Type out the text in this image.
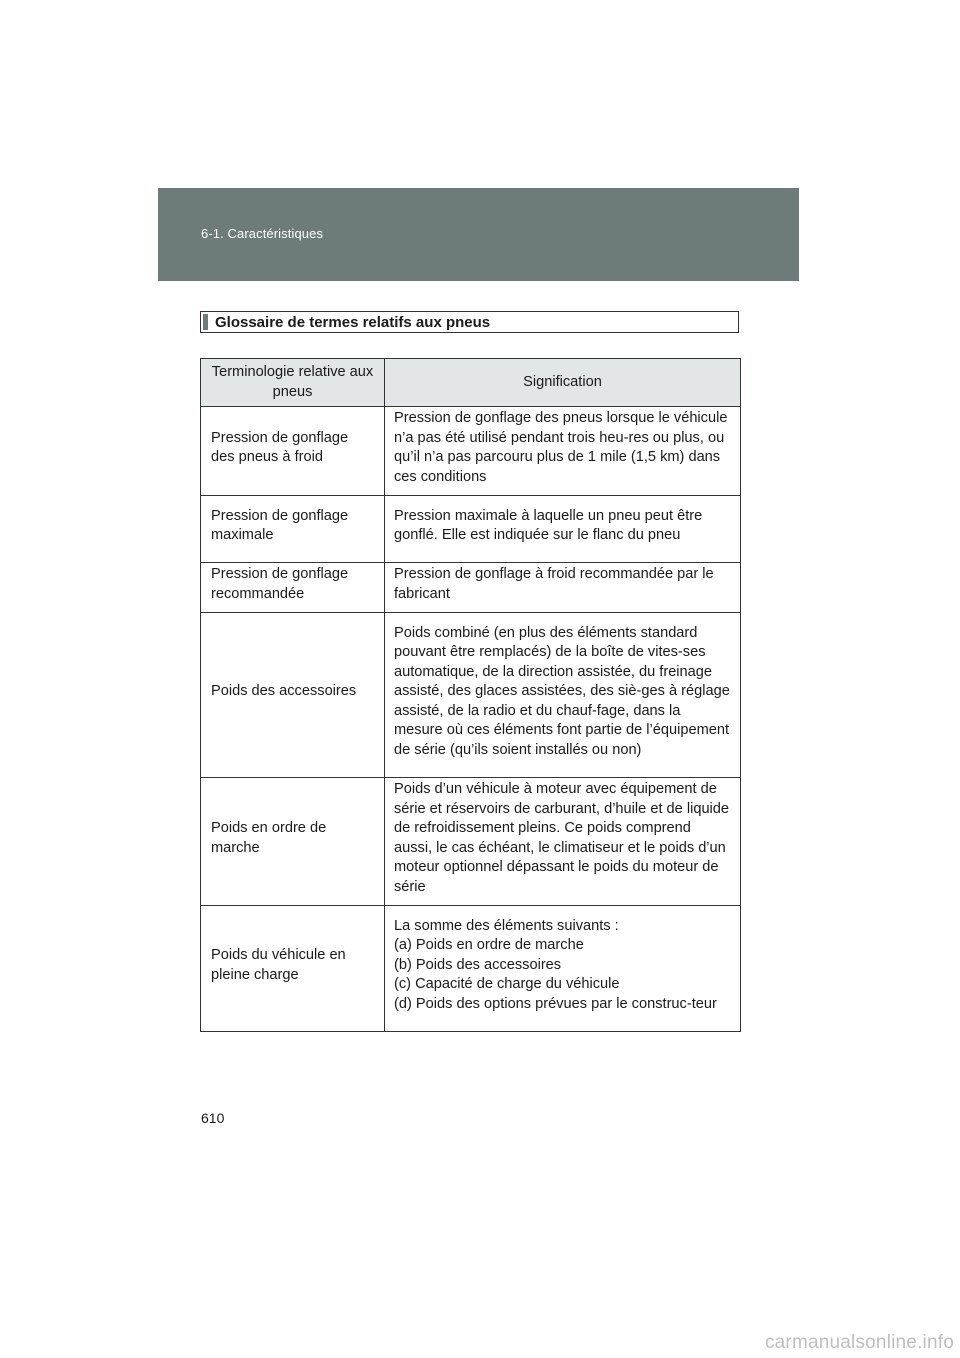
6-1. Caractéristiques
Glossaire de termes relatifs aux pneus
Terminologie relative aux pneus	Signification
Pression de gonflage des pneus à froid	Pression de gonflage des pneus lorsque le véhicule n’a pas été utilisé pendant trois heu-res ou plus, ou qu’il n’a pas parcouru plus de 1 mile (1,5 km) dans ces conditions
Pression de gonflage maximale	Pression maximale à laquelle un pneu peut être gonflé. Elle est indiquée sur le flanc du pneu
Pression de gonflage recommandée	Pression de gonflage à froid recommandée par le fabricant
Poids des accessoires	Poids combiné (en plus des éléments standard pouvant être remplacés) de la boîte de vites-ses automatique, de la direction assistée, du freinage assisté, des glaces assistées, des siè-ges à réglage assisté, de la radio et du chauf-fage, dans la mesure où ces éléments font partie de l’équipement de série (qu’ils soient installés ou non)
Poids en ordre de marche	Poids d’un véhicule à moteur avec équipement de série et réservoirs de carburant, d’huile et de liquide de refroidissement pleins. Ce poids comprend aussi, le cas échéant, le climatiseur et le poids d’un moteur optionnel dépassant le poids du moteur de série
Poids du véhicule en pleine charge	La somme des éléments suivants :
(a) Poids en ordre de marche
(b) Poids des accessoires
(c) Capacité de charge du véhicule
(d) Poids des options prévues par le construc-teur
610
carmanualsonline.info
